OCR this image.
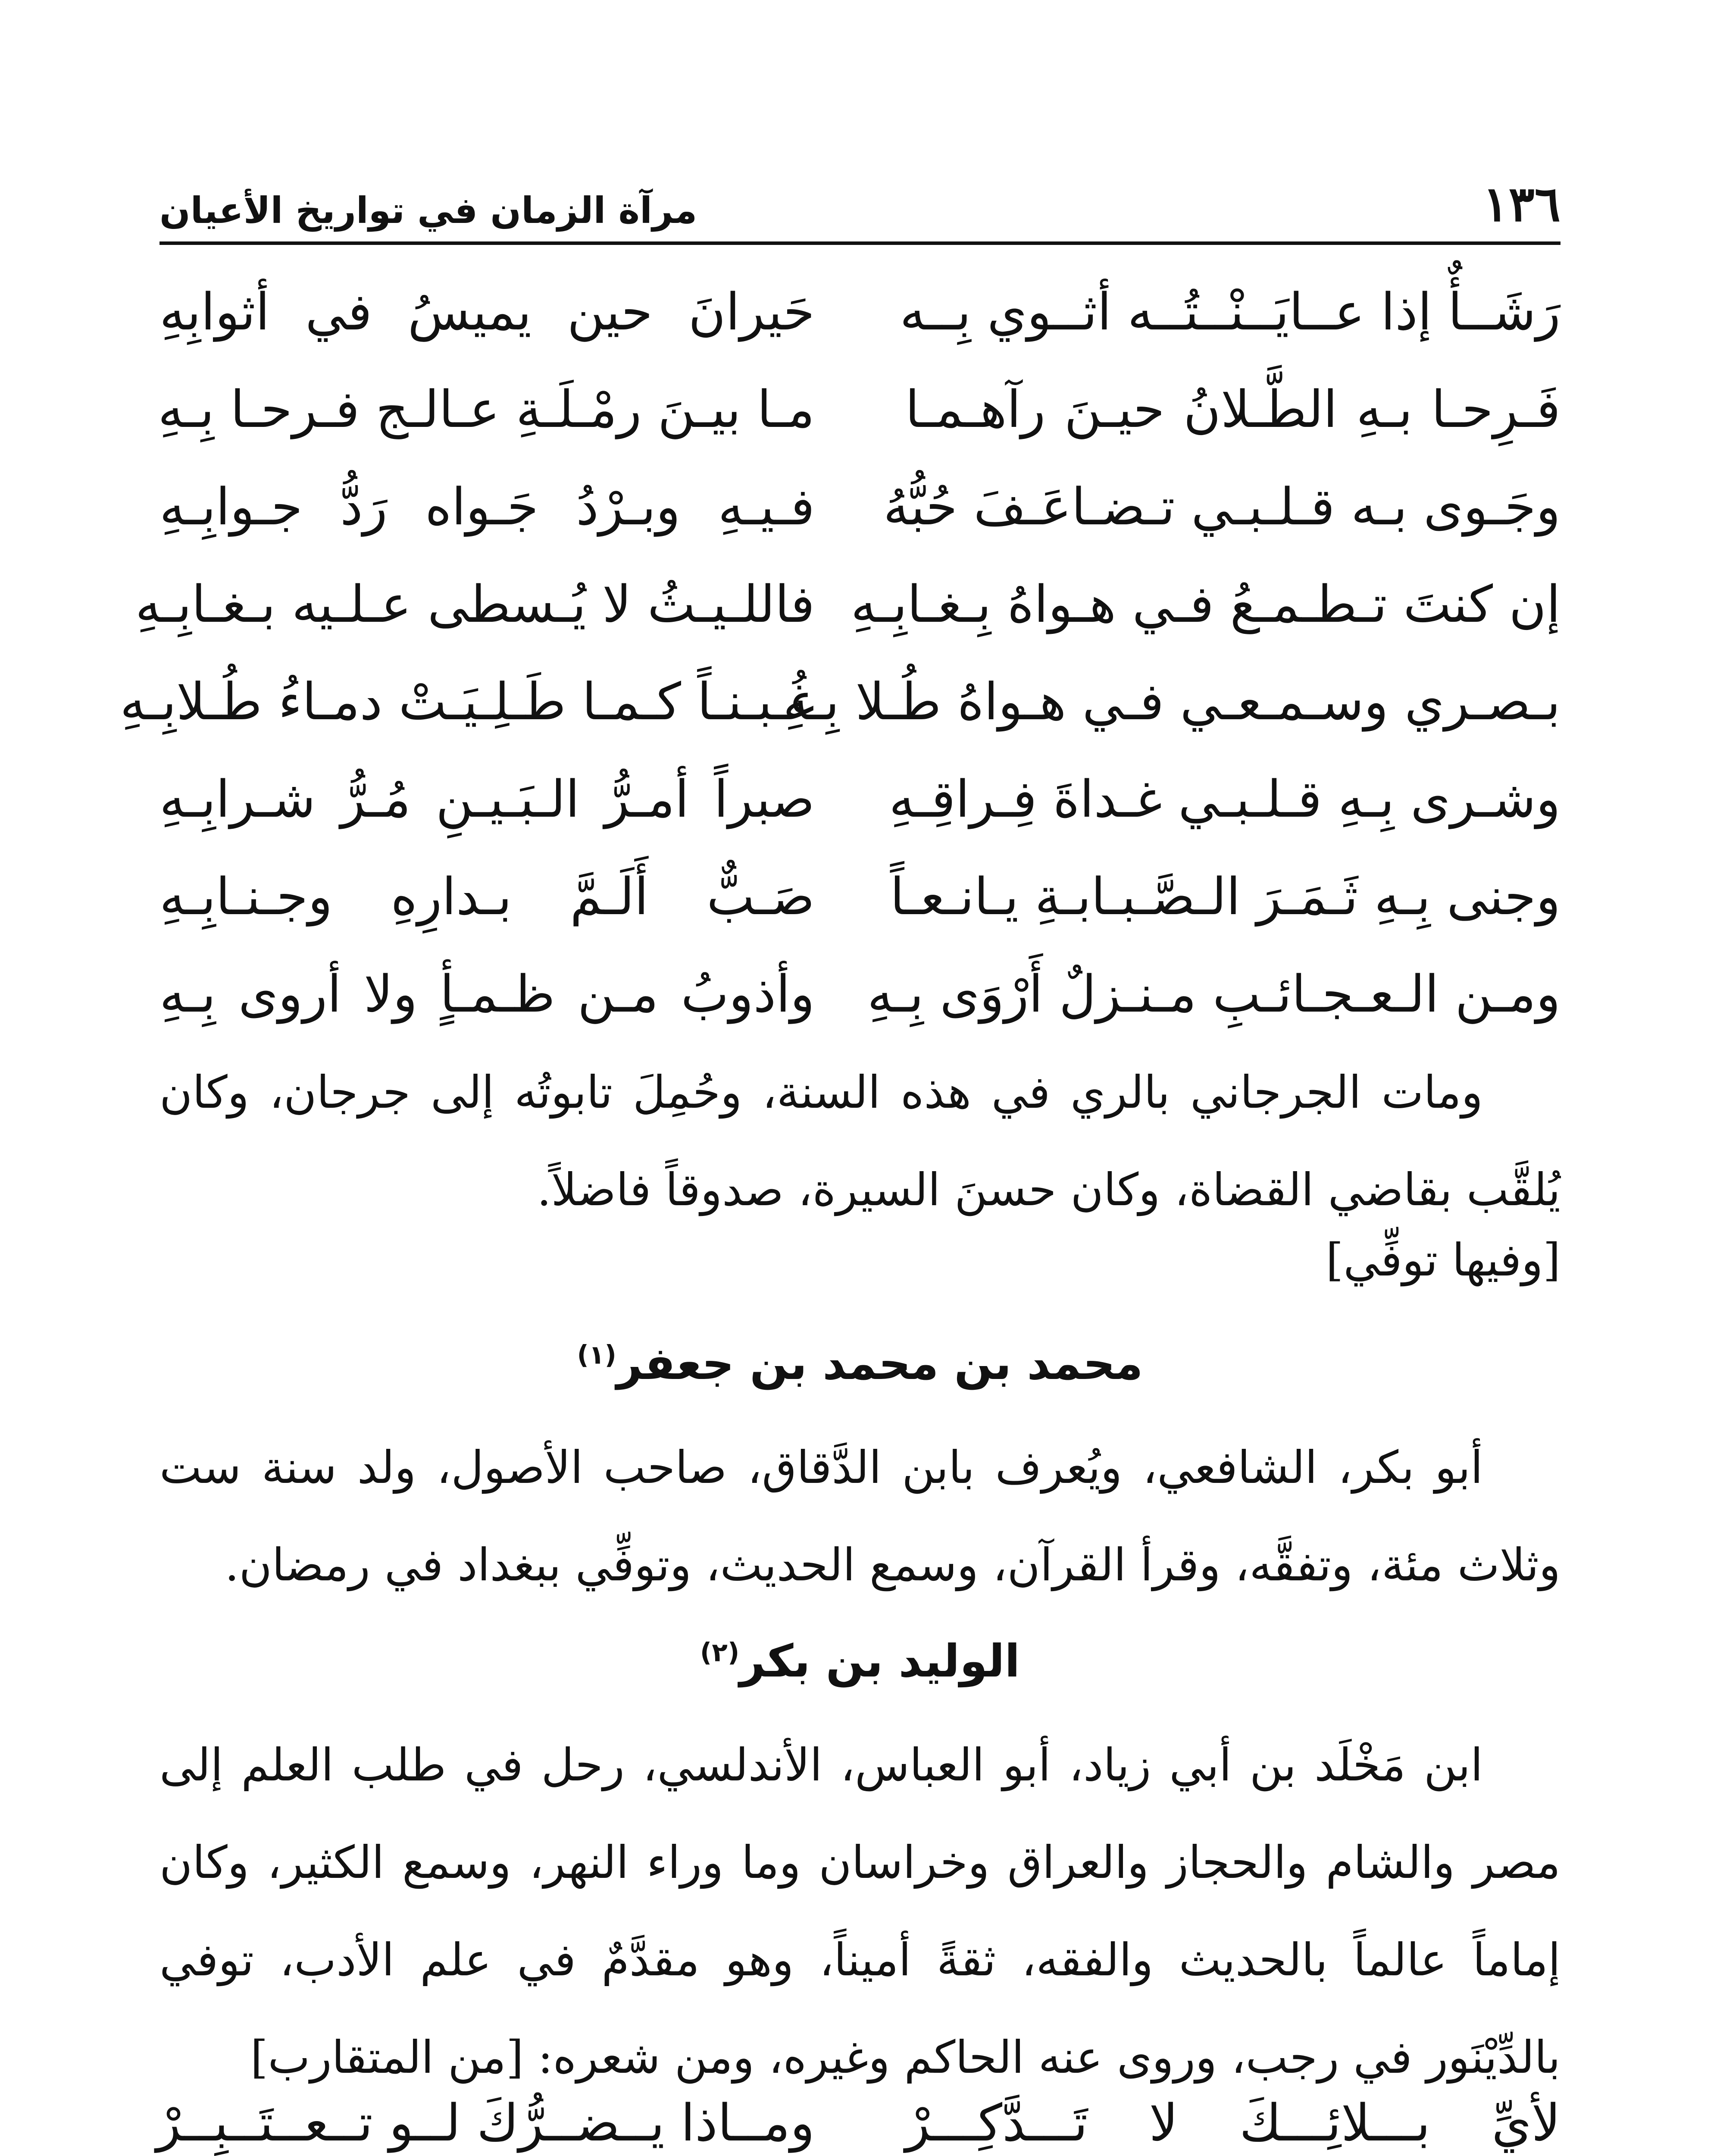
١٣٦
مرآة الزمان في تواريخ الأعيان
رَشَــأٌ إذا عــايَــنْــتُــه أثــوي بِــه
حَيرانَ حين يميسُ في أثوابِهِ
فَـرِحـا بـهِ الطَّـلانُ حيـنَ رآهـمـا
مـا بيـنَ رمْـلَـةِ عـالـج فـرحـا بِـهِ
وجَـوى بـه قـلـبـي تـضـاعَـفَ حُبُّهُ
فـيـهِ وبـرْدُ جَـواه رَدُّ جـوابِـهِ
إن كنتَ تـطـمـعُ فـي هـواهُ بِـغـابِـهِ
فاللـيـثُ لا يُـسطى عـلـيه بـغـابِـهِ
بـصـري وسـمـعـي فـي هـواهُ طُـلا بِـهِ
غُـبـنـاً كـمـا طَـلِـيَـتْ دمـاءُ طُـلابِـهِ
وشـرى بِـهِ قـلـبـي غـداةَ فِـراقِـهِ
صبراً أمـرُّ الـبَـيـنِ مُـرُّ شـرابِـهِ
وجنى بِـهِ ثَـمَـرَ الـصَّـبـابـةِ يـانـعـاً
صَـبٌّ أَلَـمَّ بـدارِهِ وجـنـابِـهِ
ومـن الـعـجـائـبِ مـنـزلٌ أَرْوَى بِـهِ
وأذوبُ مـن ظـمـأٍ ولا أروى بِـهِ

ومات الجرجاني بالري في هذه السنة، وحُمِلَ تابوتُه إلى جرجان، وكان يُلقَّب بقاضي القضاة، وكان حسنَ السيرة، صدوقاً فاضلاً.

[وفيها توفِّي]
محمد بن محمد بن جعفر$^{(١)}$

أبو بكر، الشافعي، ويُعرف بابن الدَّقاق، صاحب الأصول، ولد سنة ست وثلاث مئة، وتفقَّه، وقرأ القرآن، وسمع الحديث، وتوفِّي ببغداد في رمضان.

الوليد بن بكر$^{(٢)}$

ابن مَخْلَد بن أبي زياد، أبو العباس، الأندلسي، رحل في طلب العلم إلى مصر والشام والحجاز والعراق وخراسان وما وراء النهر، وسمع الكثير، وكان إماماً عالماً بالحديث والفقه، ثقةً أميناً، وهو مقدَّمٌ في علم الأدب، توفي بالدِّيْنَور في رجب، وروى عنه الحاكم وغيره، ومن شعره: [من المتقارب]

لأيِّ بـــلائِـــكَ لا تَـــدَّكِـــرْ
ومــاذا يــضــرُّكَ لــو تــعــتَــبِــرْ
